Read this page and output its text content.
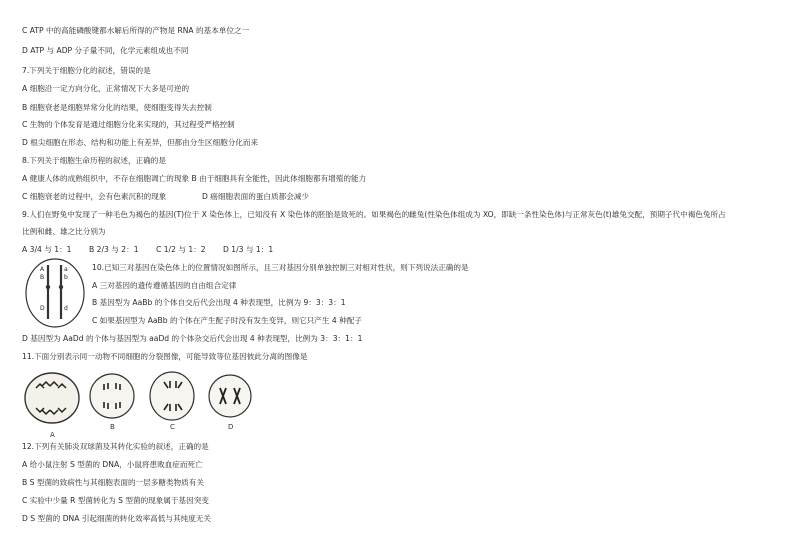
C ATP 中的高能磷酸键都水解后所得的产物是 RNA 的基本单位之一
D ATP 与 ADP 分子量不同，化学元素组成也不同
7.下列关于细胞分化的叙述，错误的是
A 细胞沿一定方向分化，正常情况下大多是可逆的
B 细胞衰老是细胞异常分化的结果，使细胞变得失去控制
C 生物的个体发育是通过细胞分化来实现的，其过程受严格控制
D 根尖细胞在形态、结构和功能上有差异，但都由分生区细胞分化而来
8.下列关于细胞生命历程的叙述，正确的是
A 健康人体的成熟组织中，不存在细胞凋亡的现象 B 由于细胞具有全能性，因此体细胞都有增殖的能力
C 细胞衰老的过程中，会有色素沉积的现象	D 癌细胞表面的蛋白质都会减少
9.人们在野兔中发现了一种毛色为褐色的基因(T)位于 X 染色体上，已知没有 X 染色体的胚胎是致死的。如果褐色的雌兔(性染色体组成为 XO，即缺一条性染色体)与正常灰色(t)雄兔交配，预期子代中褐色兔所占
比例和雌、雄之比分别为
A 3/4 与 1：1 B 2/3 与 2：1 C 1/2 与 1：2 D 1/3 与 1：1
A	a
B	b
D	d
10.已知三对基因在染色体上的位置情况如图所示，且三对基因分别单独控制三对相对性状，则下列说法正确的是
A 三对基因的遗传遵循基因的自由组合定律
B 基因型为 AaBb 的个体自交后代会出现 4 种表现型，比例为 9：3：3：1
C 如果基因型为 AaBb 的个体在产生配子时没有发生变异，则它只产生 4 种配子
D 基因型为 AaDd 的个体与基因型为 aaDd 的个体杂交后代会出现 4 种表现型，比例为 3：3：1：1
11.下面分别表示同一动物不同细胞的分裂图像，可能导致等位基因彼此分离的图像是
A
B	C	D
12.下列有关肺炎双球菌及其转化实验的叙述，正确的是
A 给小鼠注射 S 型菌的 DNA，小鼠将患败血症而死亡
B S 型菌的致病性与其细胞表面的一层多糖类物质有关
C 实验中少量 R 型菌转化为 S 型菌的现象属于基因突变
D S 型菌的 DNA 引起细菌的转化效率高低与其纯度无关
